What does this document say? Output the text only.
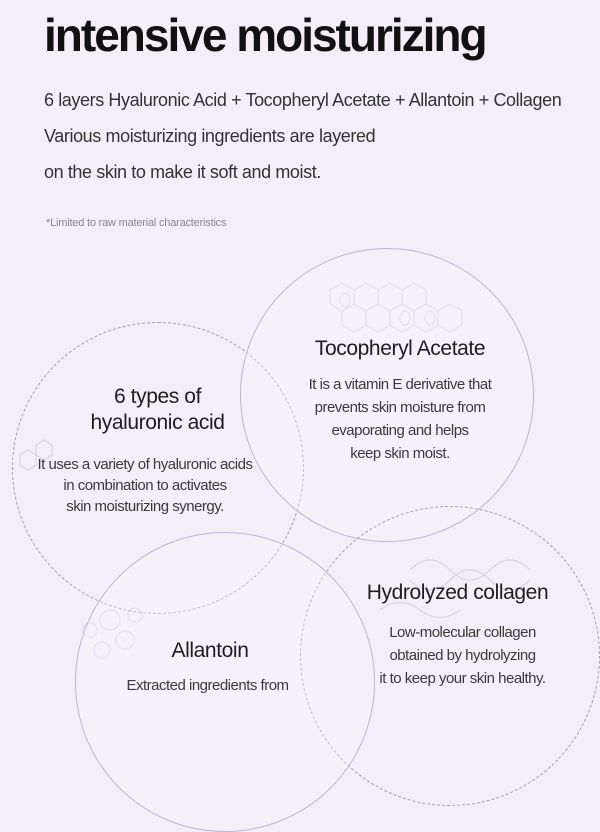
intensive moisturizing
6 layers Hyaluronic Acid + Tocopheryl Acetate + Allantoin + Collagen
Various moisturizing ingredients are layered
on the skin to make it soft and moist.
*Limited to raw material characteristics
6 types of
hyaluronic acid
It uses a variety of hyaluronic acids
in combination to activates
skin moisturizing synergy.
Tocopheryl Acetate
It is a vitamin E derivative that
prevents skin moisture from
evaporating and helps
keep skin moist.
Hydrolyzed collagen
Low-molecular collagen
obtained by hydrolyzing
it to keep your skin healthy.
Allantoin
Extracted ingredients from
